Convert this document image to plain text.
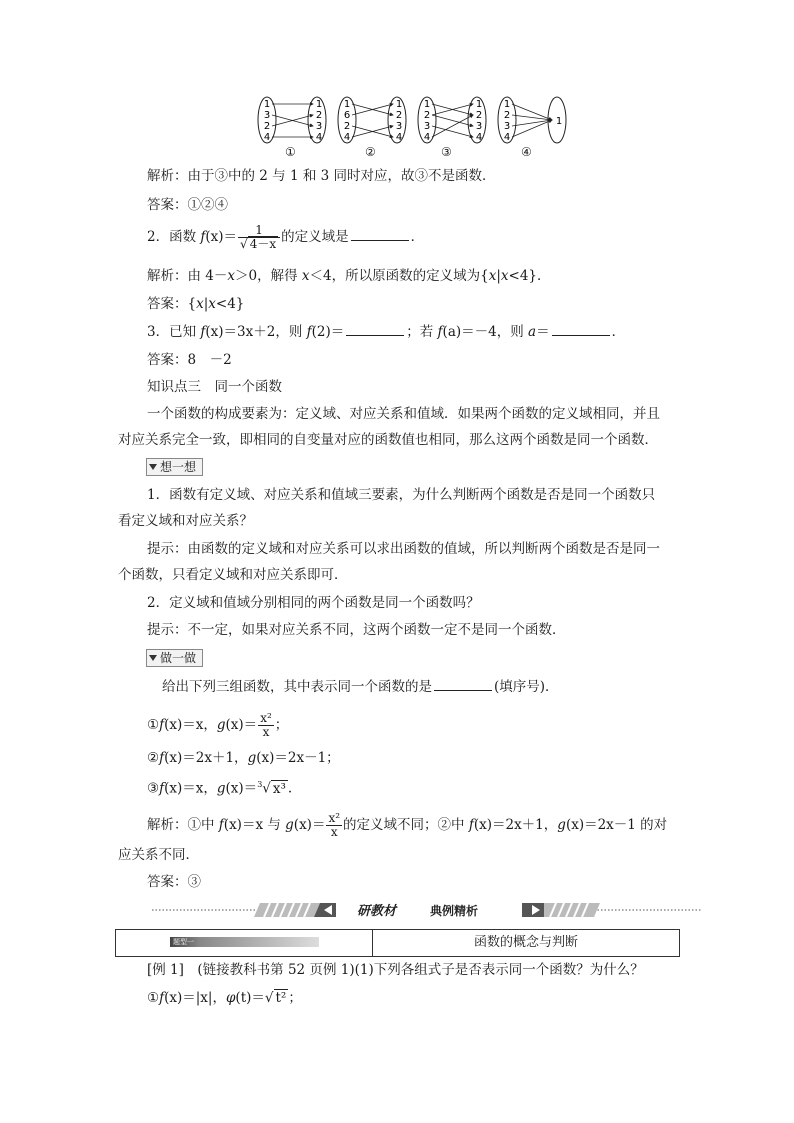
1
3
2
4
1
2
3
4
1
6
2
4
1
2
3
4
1
2
3
4
1
2
3
4
1
2
3
4
1
①	②	③	④
解析：由于③中的 2 与 1 和 3 同时对应，故③不是函数．
答案：①②④
2．函数 $f(x)= \frac{1}{√ 4-x}$ 的定义域是	．
解析：由 4－x＞0，解得 x＜4，所以原函数的定义域为{x|x<4}．
答案：{x|x<4}
3．已知 f(x)＝3x＋2，则 f(2)＝	；若 f(a)＝－4，则 a＝	．
答案：8　－2
知识点三　同一个函数
一个函数的构成要素为：定义域、对应关系和值域．如果两个函数的定义域相同，并且
对应关系完全一致，即相同的自变量对应的函数值也相同，那么这两个函数是同一个函数．
想一想
1．函数有定义域、对应关系和值域三要素，为什么判断两个函数是否是同一个函数只
看定义域和对应关系？
提示：由函数的定义域和对应关系可以求出函数的值域，所以判断两个函数是否是同一
个函数，只看定义域和对应关系即可．
2．定义域和值域分别相同的两个函数是同一个函数吗？
提示：不一定，如果对应关系不同，这两个函数一定不是同一个函数．
做一做
给出下列三组函数，其中表示同一个函数的是	(填序号)．
①f(x)＝x，$g(x)= \frac{\text{x²}}{x}$ ；
②f(x)＝2x＋1，g(x)＝2x－1；
③f(x)＝x，g(x)＝$^3$√ x³ .
解析：①中 f(x)＝x 与 $g(x)= \frac{\text{x²}}{x}$ 的定义域不同；②中 f(x)＝2x＋1，g(x)＝2x－1 的对
应关系不同．
答案：③
研教材	典例精析
题型一	函数的概念与判断
[例 1]　(链接教科书第 52 页例 1)(1)下列各组式子是否表示同一个函数？为什么？
①f(x)＝|x|，φ(t)＝√ t² ；
